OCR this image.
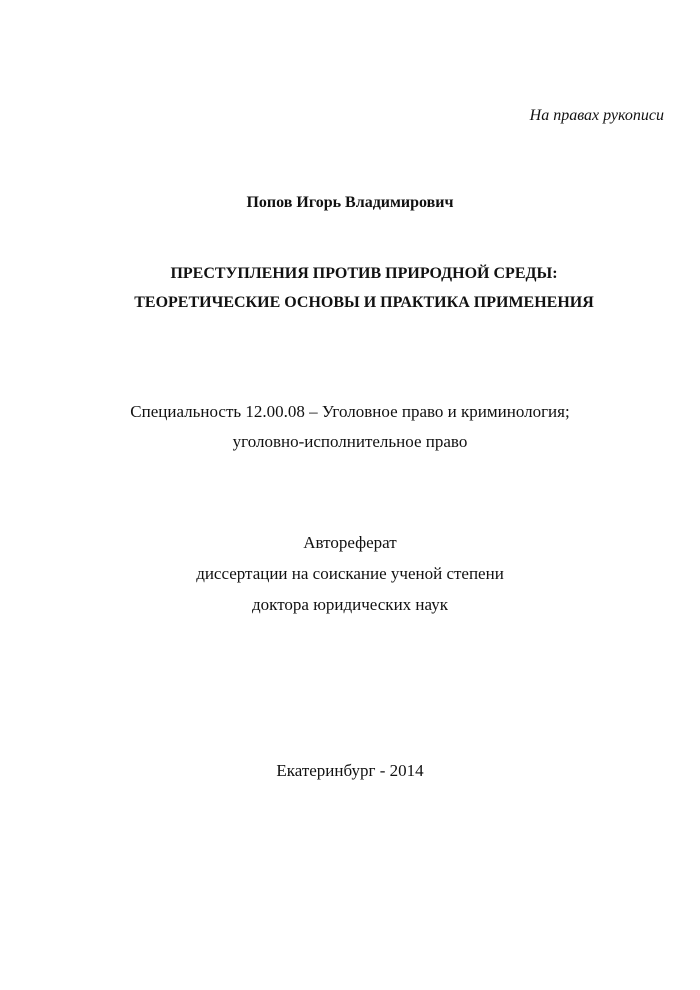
На правах рукописи
Попов Игорь Владимирович
ПРЕСТУПЛЕНИЯ ПРОТИВ ПРИРОДНОЙ СРЕДЫ:
ТЕОРЕТИЧЕСКИЕ ОСНОВЫ И ПРАКТИКА ПРИМЕНЕНИЯ
Специальность 12.00.08 – Уголовное право и криминология;
уголовно-исполнительное право
Автореферат
диссертации на соискание ученой степени
доктора юридических наук
Екатеринбург - 2014
